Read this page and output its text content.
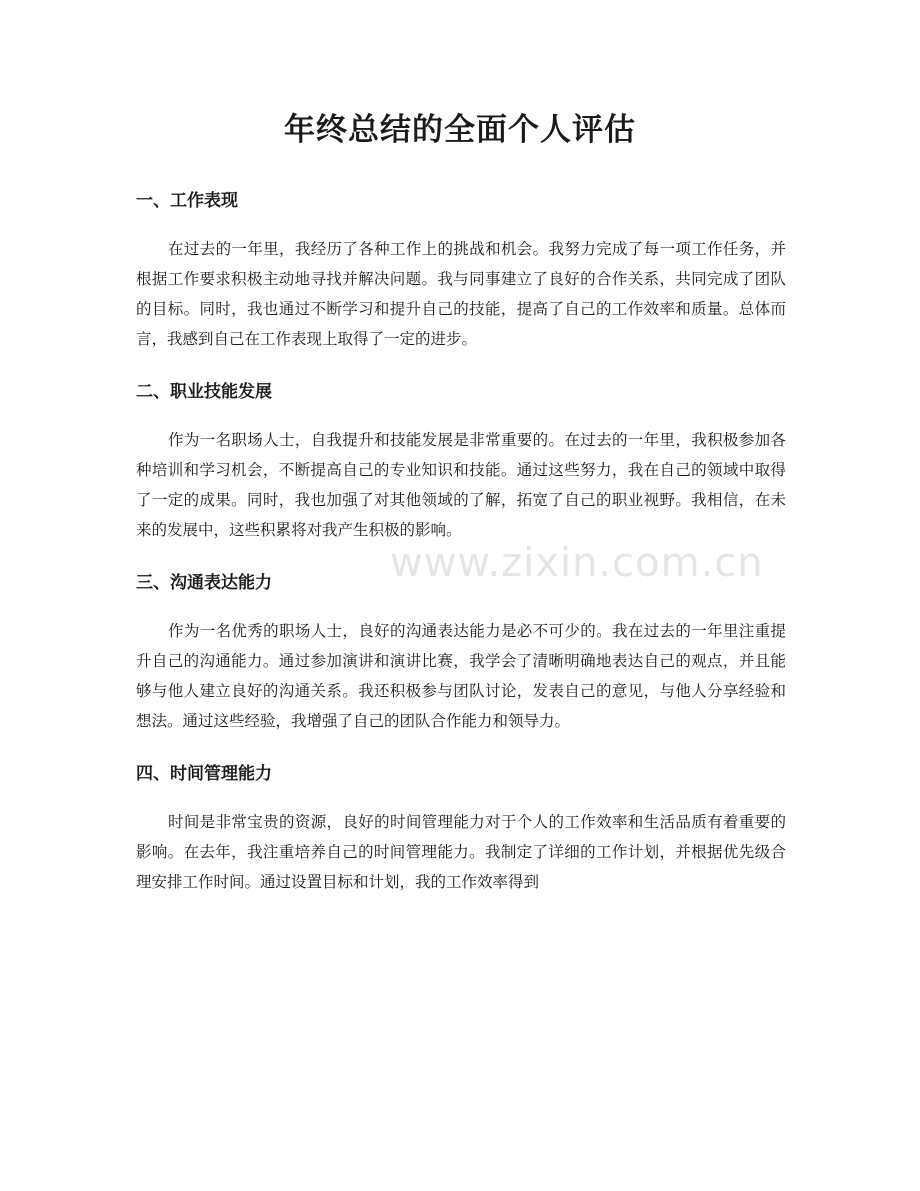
年终总结的全面个人评估
一、工作表现

在过去的一年里，我经历了各种工作上的挑战和机会。我努力完成了每一项工作任务，并根据工作要求积极主动地寻找并解决问题。我与同事建立了良好的合作关系，共同完成了团队的目标。同时，我也通过不断学习和提升自己的技能，提高了自己的工作效率和质量。总体而言，我感到自己在工作表现上取得了一定的进步。

二、职业技能发展

作为一名职场人士，自我提升和技能发展是非常重要的。在过去的一年里，我积极参加各种培训和学习机会，不断提高自己的专业知识和技能。通过这些努力，我在自己的领域中取得了一定的成果。同时，我也加强了对其他领域的了解，拓宽了自己的职业视野。我相信，在未来的发展中，这些积累将对我产生积极的影响。

三、沟通表达能力

作为一名优秀的职场人士，良好的沟通表达能力是必不可少的。我在过去的一年里注重提升自己的沟通能力。通过参加演讲和演讲比赛，我学会了清晰明确地表达自己的观点，并且能够与他人建立良好的沟通关系。我还积极参与团队讨论，发表自己的意见，与他人分享经验和想法。通过这些经验，我增强了自己的团队合作能力和领导力。

四、时间管理能力

时间是非常宝贵的资源，良好的时间管理能力对于个人的工作效率和生活品质有着重要的影响。在去年，我注重培养自己的时间管理能力。我制定了详细的工作计划，并根据优先级合理安排工作时间。通过设置目标和计划，我的工作效率得到

www.zixin.com.cn
